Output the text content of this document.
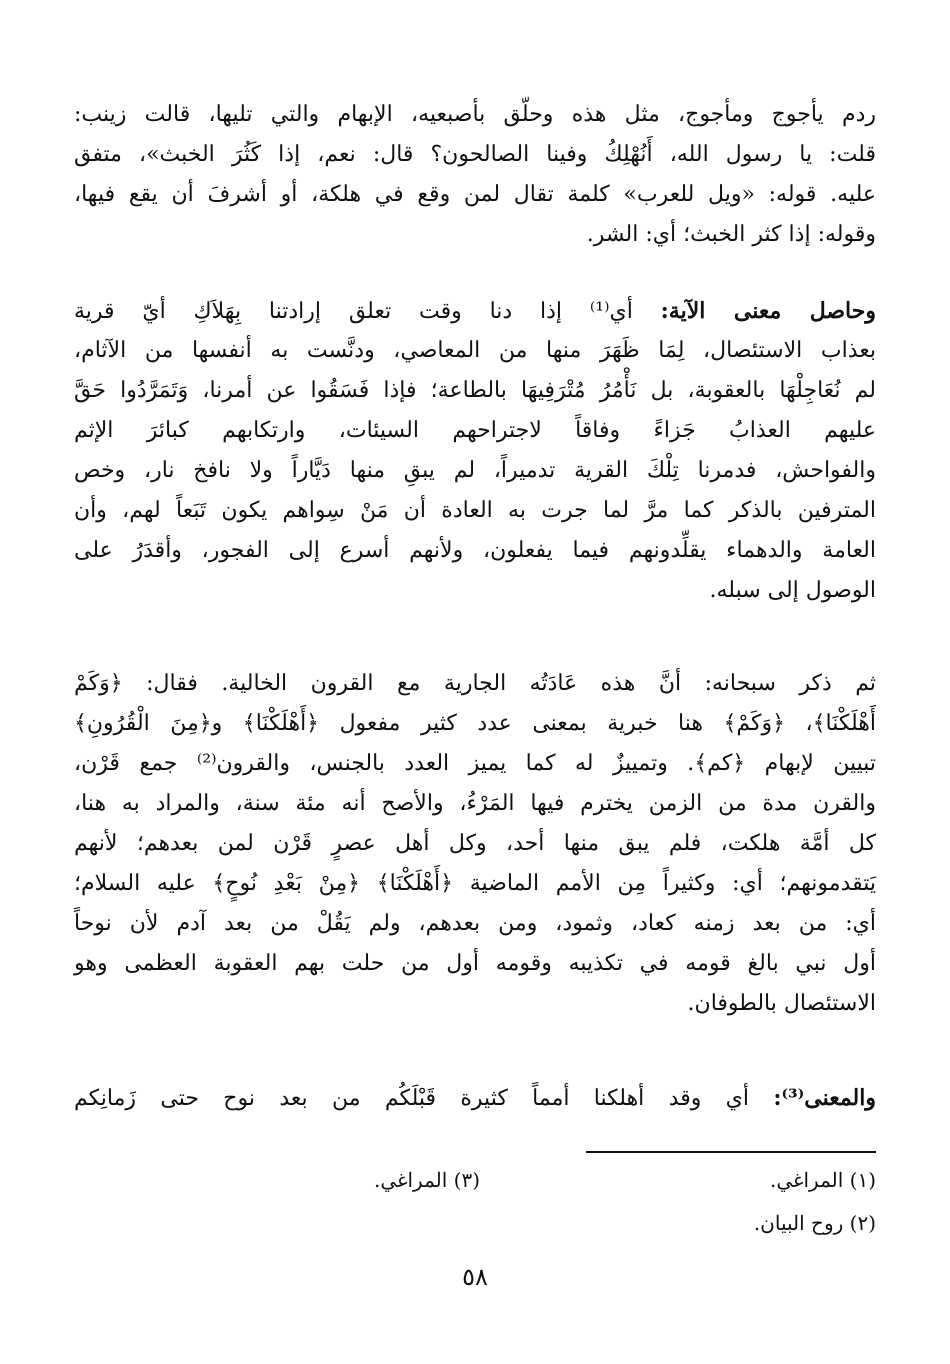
ردم يأجوج ومأجوج، مثل هذه وحلّق بأصبعيه، الإبهام والتي تليها، قالت زينب:
قلت: يا رسول الله، أَنُهْلِكُ وفينا الصالحون؟ قال: نعم، إذا كَثُرَ الخبث»، متفق
عليه. قوله: «ويل للعرب» كلمة تقال لمن وقع في هلكة، أو أشرفَ أن يقع فيها،
وقوله: إذا كثر الخبث؛ أي: الشر.
وحاصل معنى الآية: أي⁽¹⁾ إذا دنا وقت تعلق إرادتنا بِهَلاَكِ أيّ قرية
بعذاب الاستئصال، لِمَا ظَهَرَ منها من المعاصي، ودنَّست به أنفسها من الآثام،
لم نُعَاجِلْهَا بالعقوبة، بل نَأْمُرُ مُتْرَفِيهَا بالطاعة؛ فإذا فَسَقُوا عن أمرنا، وَتَمَرَّدُوا حَقَّ
عليهم العذابُ جَزاءً وفاقاً لاجتراحهم السيئات، وارتكابهم كبائرَ الإثم
والفواحش، فدمرنا تِلْكَ القرية تدميراً، لم يبقِ منها دَيَّاراً ولا نافخ نار، وخص
المترفين بالذكر كما مرَّ لما جرت به العادة أن مَنْ سِواهم يكون تَبَعاً لهم، وأن
العامة والدهماء يقلِّدونهم فيما يفعلون، ولأنهم أسرع إلى الفجور، وأقدَرُ على
الوصول إلى سبله.
ثم ذكر سبحانه: أنَّ هذه عَادَتُه الجارية مع القرون الخالية. فقال: ﴿وَكَمْ
أَهْلَكْنَا﴾، ﴿وَكَمْ﴾ هنا خبرية بمعنى عدد كثير مفعول ﴿أَهْلَكْنَا﴾ و﴿مِنَ الْقُرُونِ﴾
تبيين لإبهام ﴿كم﴾. وتمييزٌ له كما يميز العدد بالجنس، والقرون⁽²⁾ جمع قَرْن،
والقرن مدة من الزمن يخترم فيها المَرْءُ، والأصح أنه مئة سنة، والمراد به هنا،
كل أمَّة هلكت، فلم يبق منها أحد، وكل أهل عصرٍ قَرْن لمن بعدهم؛ لأنهم
يَتقدمونهم؛ أي: وكثيراً مِن الأمم الماضية ﴿أَهْلَكْنَا﴾ ﴿مِنْ بَعْدِ نُوحٍ﴾ عليه السلام؛
أي: من بعد زمنه كعاد، وثمود، ومن بعدهم، ولم يَقُلْ من بعد آدم لأن نوحاً
أول نبي بالغ قومه في تكذيبه وقومه أول من حلت بهم العقوبة العظمى وهو
الاستئصال بالطوفان.
والمعنى⁽³⁾: أي وقد أهلكنا أمماً كثيرة قَبْلَكُم من بعد نوح حتى زَمانِكم
(١) المراغي.
(٢) روح البيان.
(٣) المراغي.
٥٨
